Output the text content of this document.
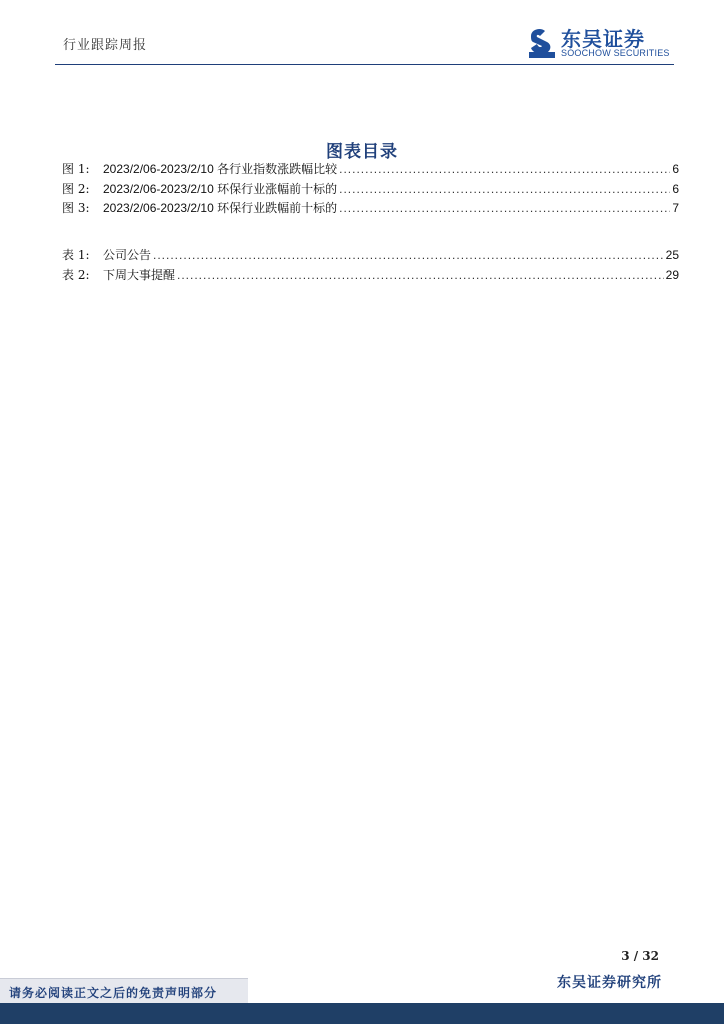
行业跟踪周报	东吴证券
SOOCHOW SECURITIES
图表目录
图 1:	2023/2/06-2023/2/10 各行业指数涨跌幅比较 .....	6
图 2:	2023/2/06-2023/2/10 环保行业涨幅前十标的 .....	6
图 3:	2023/2/06-2023/2/10 环保行业跌幅前十标的 .....	7
表 1:	公司公告 .....	25
表 2:	下周大事提醒 .....	29
3 / 32
请务必阅读正文之后的免责声明部分
东吴证券研究所
